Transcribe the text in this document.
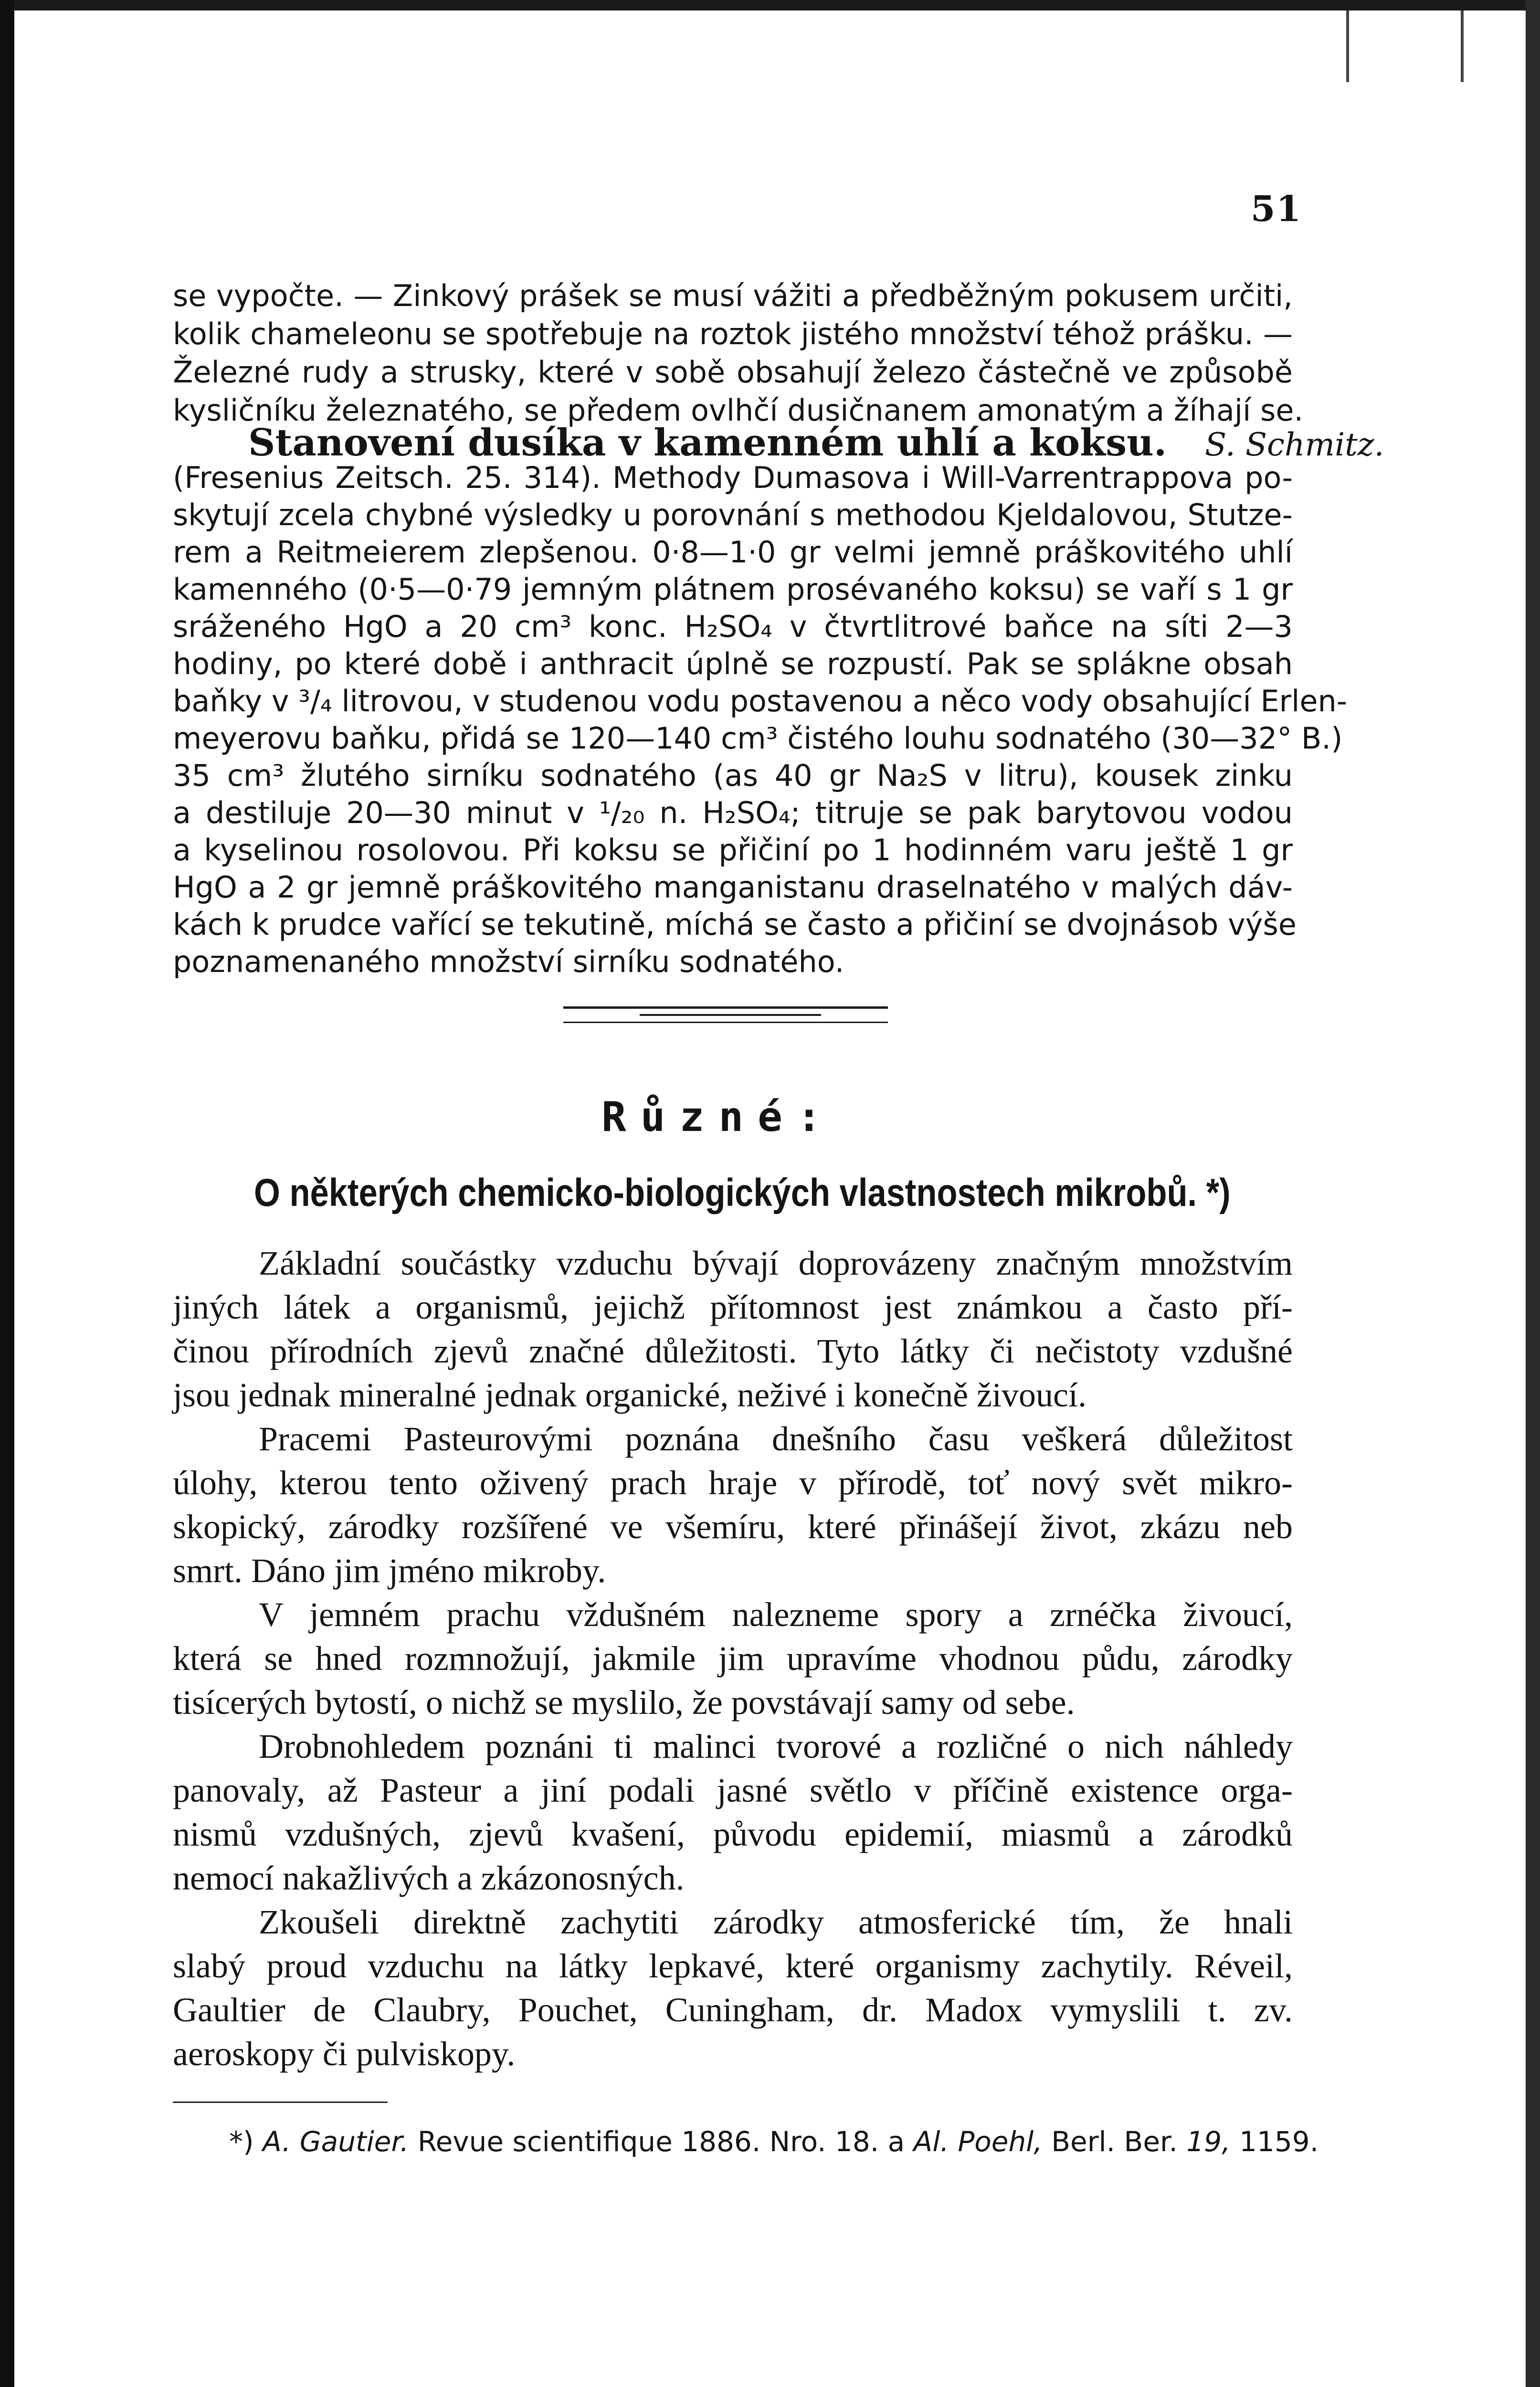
51
se vypočte. — Zinkový prášek se musí vážiti a předběžným pokusem určiti,
kolik chameleonu se spotřebuje na roztok jistého množství téhož prášku. —
Železné rudy a strusky, které v sobě obsahují železo částečně ve způsobě
kysličníku železnatého, se předem ovlhčí dusičnanem amonatým a žíhají se.
Stanovení dusíka v kamenném uhlí a koksu. S. Schmitz.
(Fresenius Zeitsch. 25. 314). Methody Dumasova i Will-Varrentrappova po-
skytují zcela chybné výsledky u porovnání s methodou Kjeldalovou, Stutze-
rem a Reitmeierem zlepšenou. 0·8—1·0 gr velmi jemně práškovitého uhlí
kamenného (0·5—0·79 jemným plátnem prosévaného koksu) se vaří s 1 gr
sráženého HgO a 20 cm³ konc. H₂SO₄ v čtvrtlitrové baňce na síti 2—3
hodiny, po které době i anthracit úplně se rozpustí. Pak se spláknе obsah
baňky v ³/₄ litrovou, v studenou vodu postavenou a něco vody obsahující Erlen-
meyerovu baňku, přidá se 120—140 cm³ čistého louhu sodnatého (30—32° B.)
35 cm³ žlutého sirníku sodnatého (as 40 gr Na₂S v litru), kousek zinku
a destiluje 20—30 minut v ¹/₂₀ n. H₂SO₄; titruje se pak barytovou vodou
a kyselinou rosolovou. Při koksu se přičiní po 1 hodinném varu ještě 1 gr
HgO a 2 gr jemně práškovitého manganistanu draselnatého v malých dáv-
kách k prudce vařící se tekutině, míchá se často a přičiní se dvojnásob výše
poznamenaného množství sirníku sodnatého.
Různé:
O některých chemicko-biologických vlastnostech mikrobů. *)
Základní součástky vzduchu bývají doprovázeny značným množstvím
jiných látek a organismů, jejichž přítomnost jest známkou a často pří-
činou přírodních zjevů značné důležitosti. Tyto látky či nečistoty vzdušné
jsou jednak mineralné jednak organické, neživé i konečně živoucí.
Pracemi Pasteurovými poznána dnešního času veškerá důležitost
úlohy, kterou tento oživený prach hraje v přírodě, toť nový svět mikro-
skopický, zárodky rozšířené ve všemíru, které přinášejí život, zkázu neb
smrt. Dáno jim jméno mikroby.
V jemném prachu vždušném nalezneme spory a zrnéčka živoucí,
která se hned rozmnožují, jakmile jim upravíme vhodnou půdu, zárodky
tisícerých bytostí, o nichž se myslilo, že povstávají samy od sebe.
Drobnohledem poznáni ti malinci tvorové a rozličné o nich náhledy
panovaly, až Pasteur a jiní podali jasné světlo v příčině existence orga-
nismů vzdušných, zjevů kvašení, původu epidemií, miasmů a zárodků
nemocí nakažlivých a zkázonosných.
Zkoušeli direktně zachytiti zárodky atmosferické tím, že hnali
slabý proud vzduchu na látky lepkavé, které organismy zachytily. Réveil,
Gaultier de Claubry, Pouchet, Cuningham, dr. Madox vymyslili t. zv.
aeroskopy či pulviskopy.
*) A. Gautier. Revue scientifique 1886. Nro. 18. a Al. Poehl, Berl. Ber. 19, 1159.
